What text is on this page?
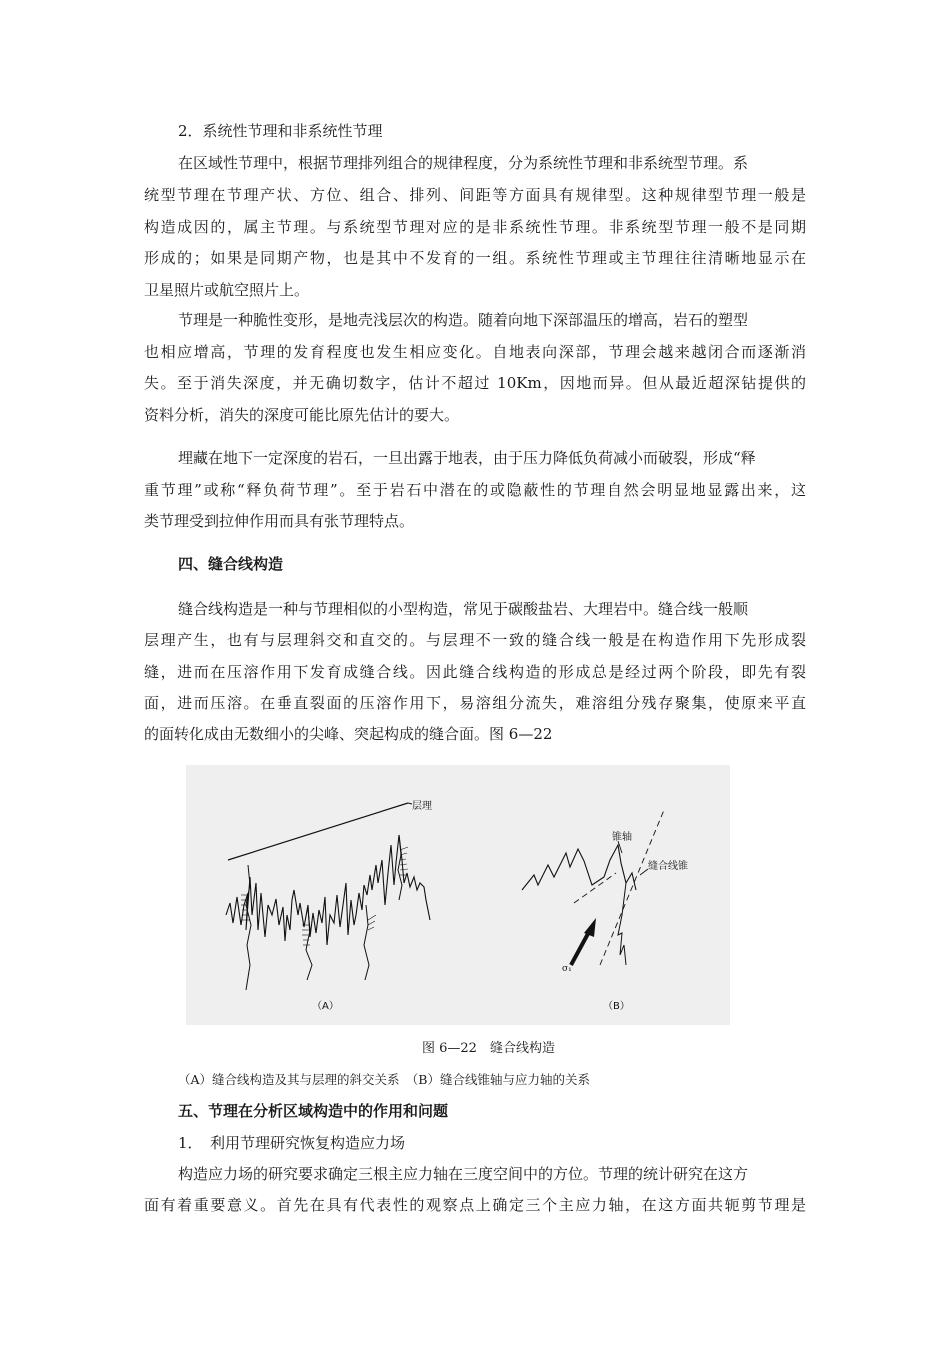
2．系统性节理和非系统性节理

在区域性节理中，根据节理排列组合的规律程度，分为系统性节理和非系统型节理。系

统型节理在节理产状、方位、组合、排列、间距等方面具有规律型。这种规律型节理一般是

构造成因的，属主节理。与系统型节理对应的是非系统性节理。非系统型节理一般不是同期

形成的；如果是同期产物，也是其中不发育的一组。系统性节理或主节理往往清晰地显示在

卫星照片或航空照片上。

节理是一种脆性变形，是地壳浅层次的构造。随着向地下深部温压的增高，岩石的塑型

也相应增高，节理的发育程度也发生相应变化。自地表向深部，节理会越来越闭合而逐渐消

失。至于消失深度，并无确切数字，估计不超过 10Km，因地而异。但从最近超深钻提供的

资料分析，消失的深度可能比原先估计的要大。

埋藏在地下一定深度的岩石，一旦出露于地表，由于压力降低负荷减小而破裂，形成“释

重节理”或称“释负荷节理”。至于岩石中潜在的或隐蔽性的节理自然会明显地显露出来，这

类节理受到拉伸作用而具有张节理特点。

四、缝合线构造

缝合线构造是一种与节理相似的小型构造，常见于碳酸盐岩、大理岩中。缝合线一般顺

层理产生，也有与层理斜交和直交的。与层理不一致的缝合线一般是在构造作用下先形成裂

缝，进而在压溶作用下发育成缝合线。因此缝合线构造的形成总是经过两个阶段，即先有裂

面，进而压溶。在垂直裂面的压溶作用下，易溶组分流失，难溶组分残存聚集，使原来平直

的面转化成由无数细小的尖峰、突起构成的缝合面。图 6—22

层理
（A）
锥轴
缝合线锥
σ₁
（B）

图 6—22　缝合线构造

（A）缝合线构造及其与层理的斜交关系　（B）缝合线锥轴与应力轴的关系

五、节理在分析区域构造中的作用和问题

1．　利用节理研究恢复构造应力场

构造应力场的研究要求确定三根主应力轴在三度空间中的方位。节理的统计研究在这方

面有着重要意义。首先在具有代表性的观察点上确定三个主应力轴，在这方面共轭剪节理是
